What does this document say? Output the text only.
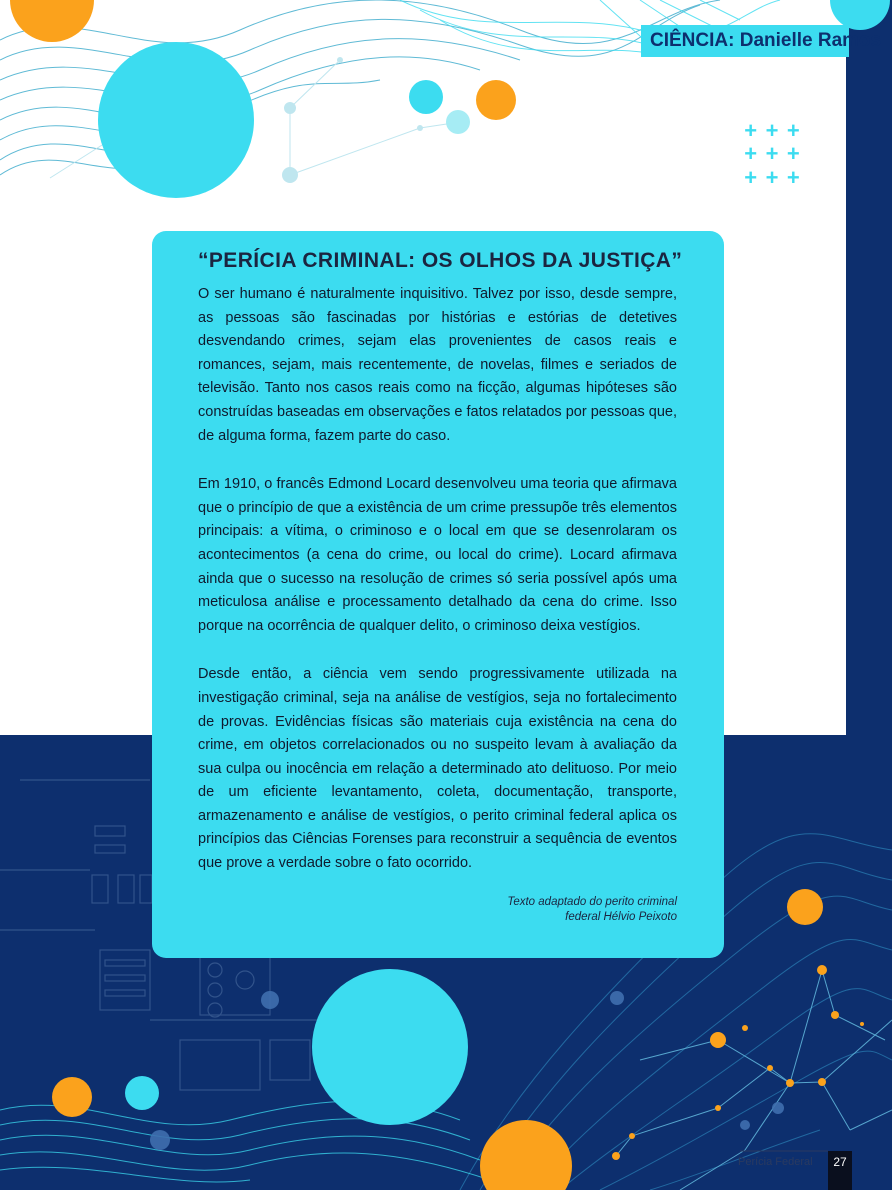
CIÊNCIA: Danielle Ramos
+ + +
+ + +
+ + +
“PERÍCIA CRIMINAL: OS OLHOS DA JUSTIÇA”

O ser humano é naturalmente inquisitivo. Talvez por isso, desde sempre, as pessoas são fascinadas por histórias e estórias de detetives desvendando crimes, sejam elas provenientes de casos reais e romances, sejam, mais recentemente, de novelas, filmes e seriados de televisão. Tanto nos casos reais como na ficção, algumas hipóteses são construídas baseadas em observações e fatos relatados por pessoas que, de alguma forma, fazem parte do caso.

Em 1910, o francês Edmond Locard desenvolveu uma teoria que afirmava que o princípio de que a existência de um crime pressupõe três elementos principais: a vítima, o criminoso e o local em que se desenrolaram os acontecimentos (a cena do crime, ou local do crime). Locard afirmava ainda que o sucesso na resolução de crimes só seria possível após uma meticulosa análise e processamento detalhado da cena do crime. Isso porque na ocorrência de qualquer delito, o criminoso deixa vestígios.

Desde então, a ciência vem sendo progressivamente utilizada na investigação criminal, seja na análise de vestígios, seja no fortalecimento de provas. Evidências físicas são materiais cuja existência na cena do crime, em objetos correlacionados ou no suspeito levam à avaliação da sua culpa ou inocência em relação a determinado ato delituoso. Por meio de um eficiente levantamento, coleta, documentação, transporte, armazenamento e análise de vestígios, o perito criminal federal aplica os princípios das Ciências Forenses para reconstruir a sequência de eventos que prove a verdade sobre o fato ocorrido.

Texto adaptado do perito criminal
federal Hélvio Peixoto
Perícia Federal	27
